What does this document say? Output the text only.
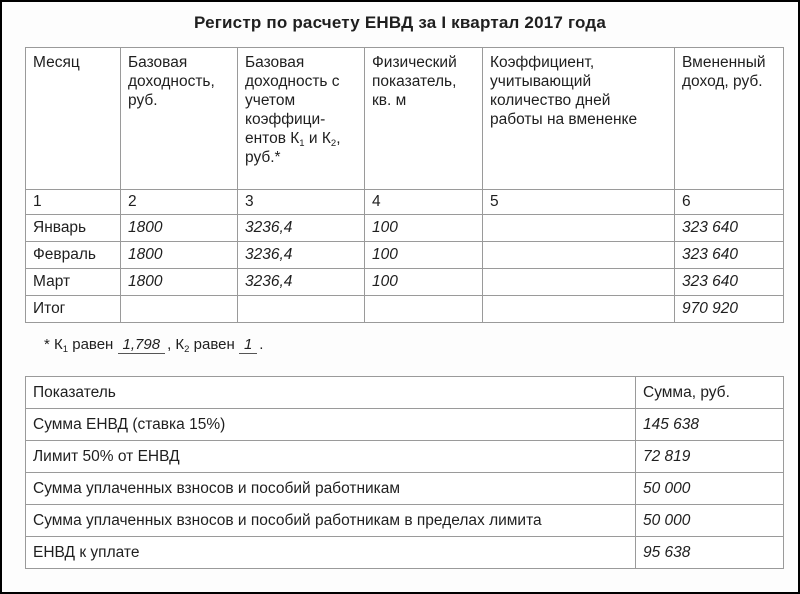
Регистр по расчету ЕНВД за I квартал 2017 года
Месяц	Базовая доходность, руб.	Базовая доходность с учетом коэффици-ентов $К_1$ и $К_2$, руб.*	Физический показатель, кв. м	Коэффициент, учитывающий количество дней работы на вмененке	Вмененный доход, руб.
1	2	3	4	5	6
Январь	1800	3236,4	100		323 640
Февраль	1800	3236,4	100		323 640
Март	1800	3236,4	100		323 640
Итог					970 920
* $К_1$ равен 1,798 , $К_2$ равен 1 .
Показатель	Сумма, руб.
Сумма ЕНВД (ставка 15%)	145 638
Лимит 50% от ЕНВД	72 819
Сумма уплаченных взносов и пособий работникам	50 000
Сумма уплаченных взносов и пособий работникам в пределах лимита	50 000
ЕНВД к уплате	95 638
